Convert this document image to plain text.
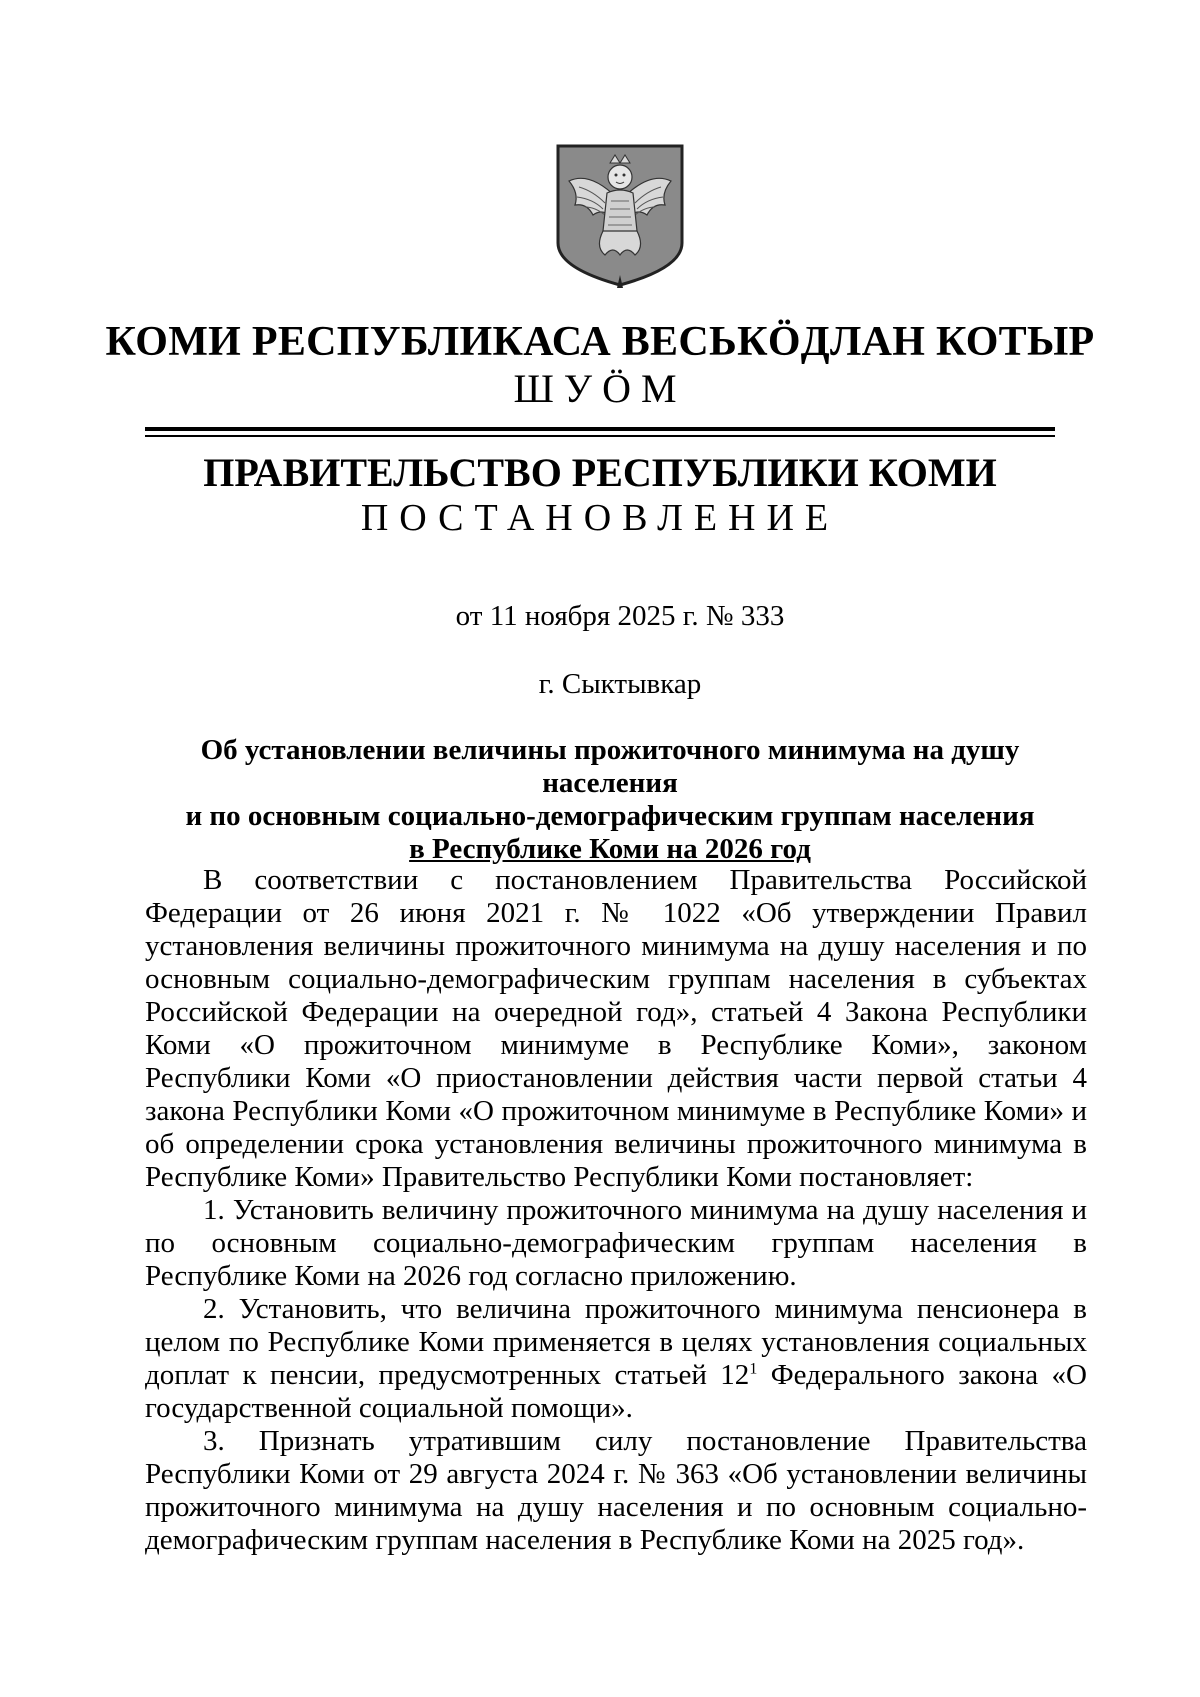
КОМИ РЕСПУБЛИКАСА ВЕСЬКӦДЛАН КОТЫР
ШУӦМ
ПРАВИТЕЛЬСТВО РЕСПУБЛИКИ КОМИ
ПОСТАНОВЛЕНИЕ
от 11 ноября 2025 г. № 333
г. Сыктывкар
Об установлении величины прожиточного минимума на душу населения
и по основным социально-демографическим группам населения
в Республике Коми на 2026 год

В соответствии с постановлением Правительства Российской Федерации от 26 июня 2021 г. № 1022 «Об утверждении Правил установления величины прожиточного минимума на душу населения и по основным социально-демографическим группам населения в субъектах Российской Федерации на очередной год», статьей 4 Закона Республики Коми «О прожиточном минимуме в Республике Коми», законом Республики Коми «О приостановлении действия части первой статьи 4 закона Республики Коми «О прожиточном минимуме в Республике Коми» и об определении срока установления величины прожиточного минимума в Республике Коми» Правительство Республики Коми постановляет:

1. Установить величину прожиточного минимума на душу населения и по основным социально-демографическим группам населения в Республике Коми на 2026 год согласно приложению.

2. Установить, что величина прожиточного минимума пенсионера в целом по Республике Коми применяется в целях установления социальных доплат к пенсии, предусмотренных статьей $12^1$ Федерального закона «О государственной социальной помощи».

3. Признать утратившим силу постановление Правительства Республики Коми от 29 августа 2024 г. № 363 «Об установлении величины прожиточного минимума на душу населения и по основным социально-демографическим группам населения в Республике Коми на 2025 год».
